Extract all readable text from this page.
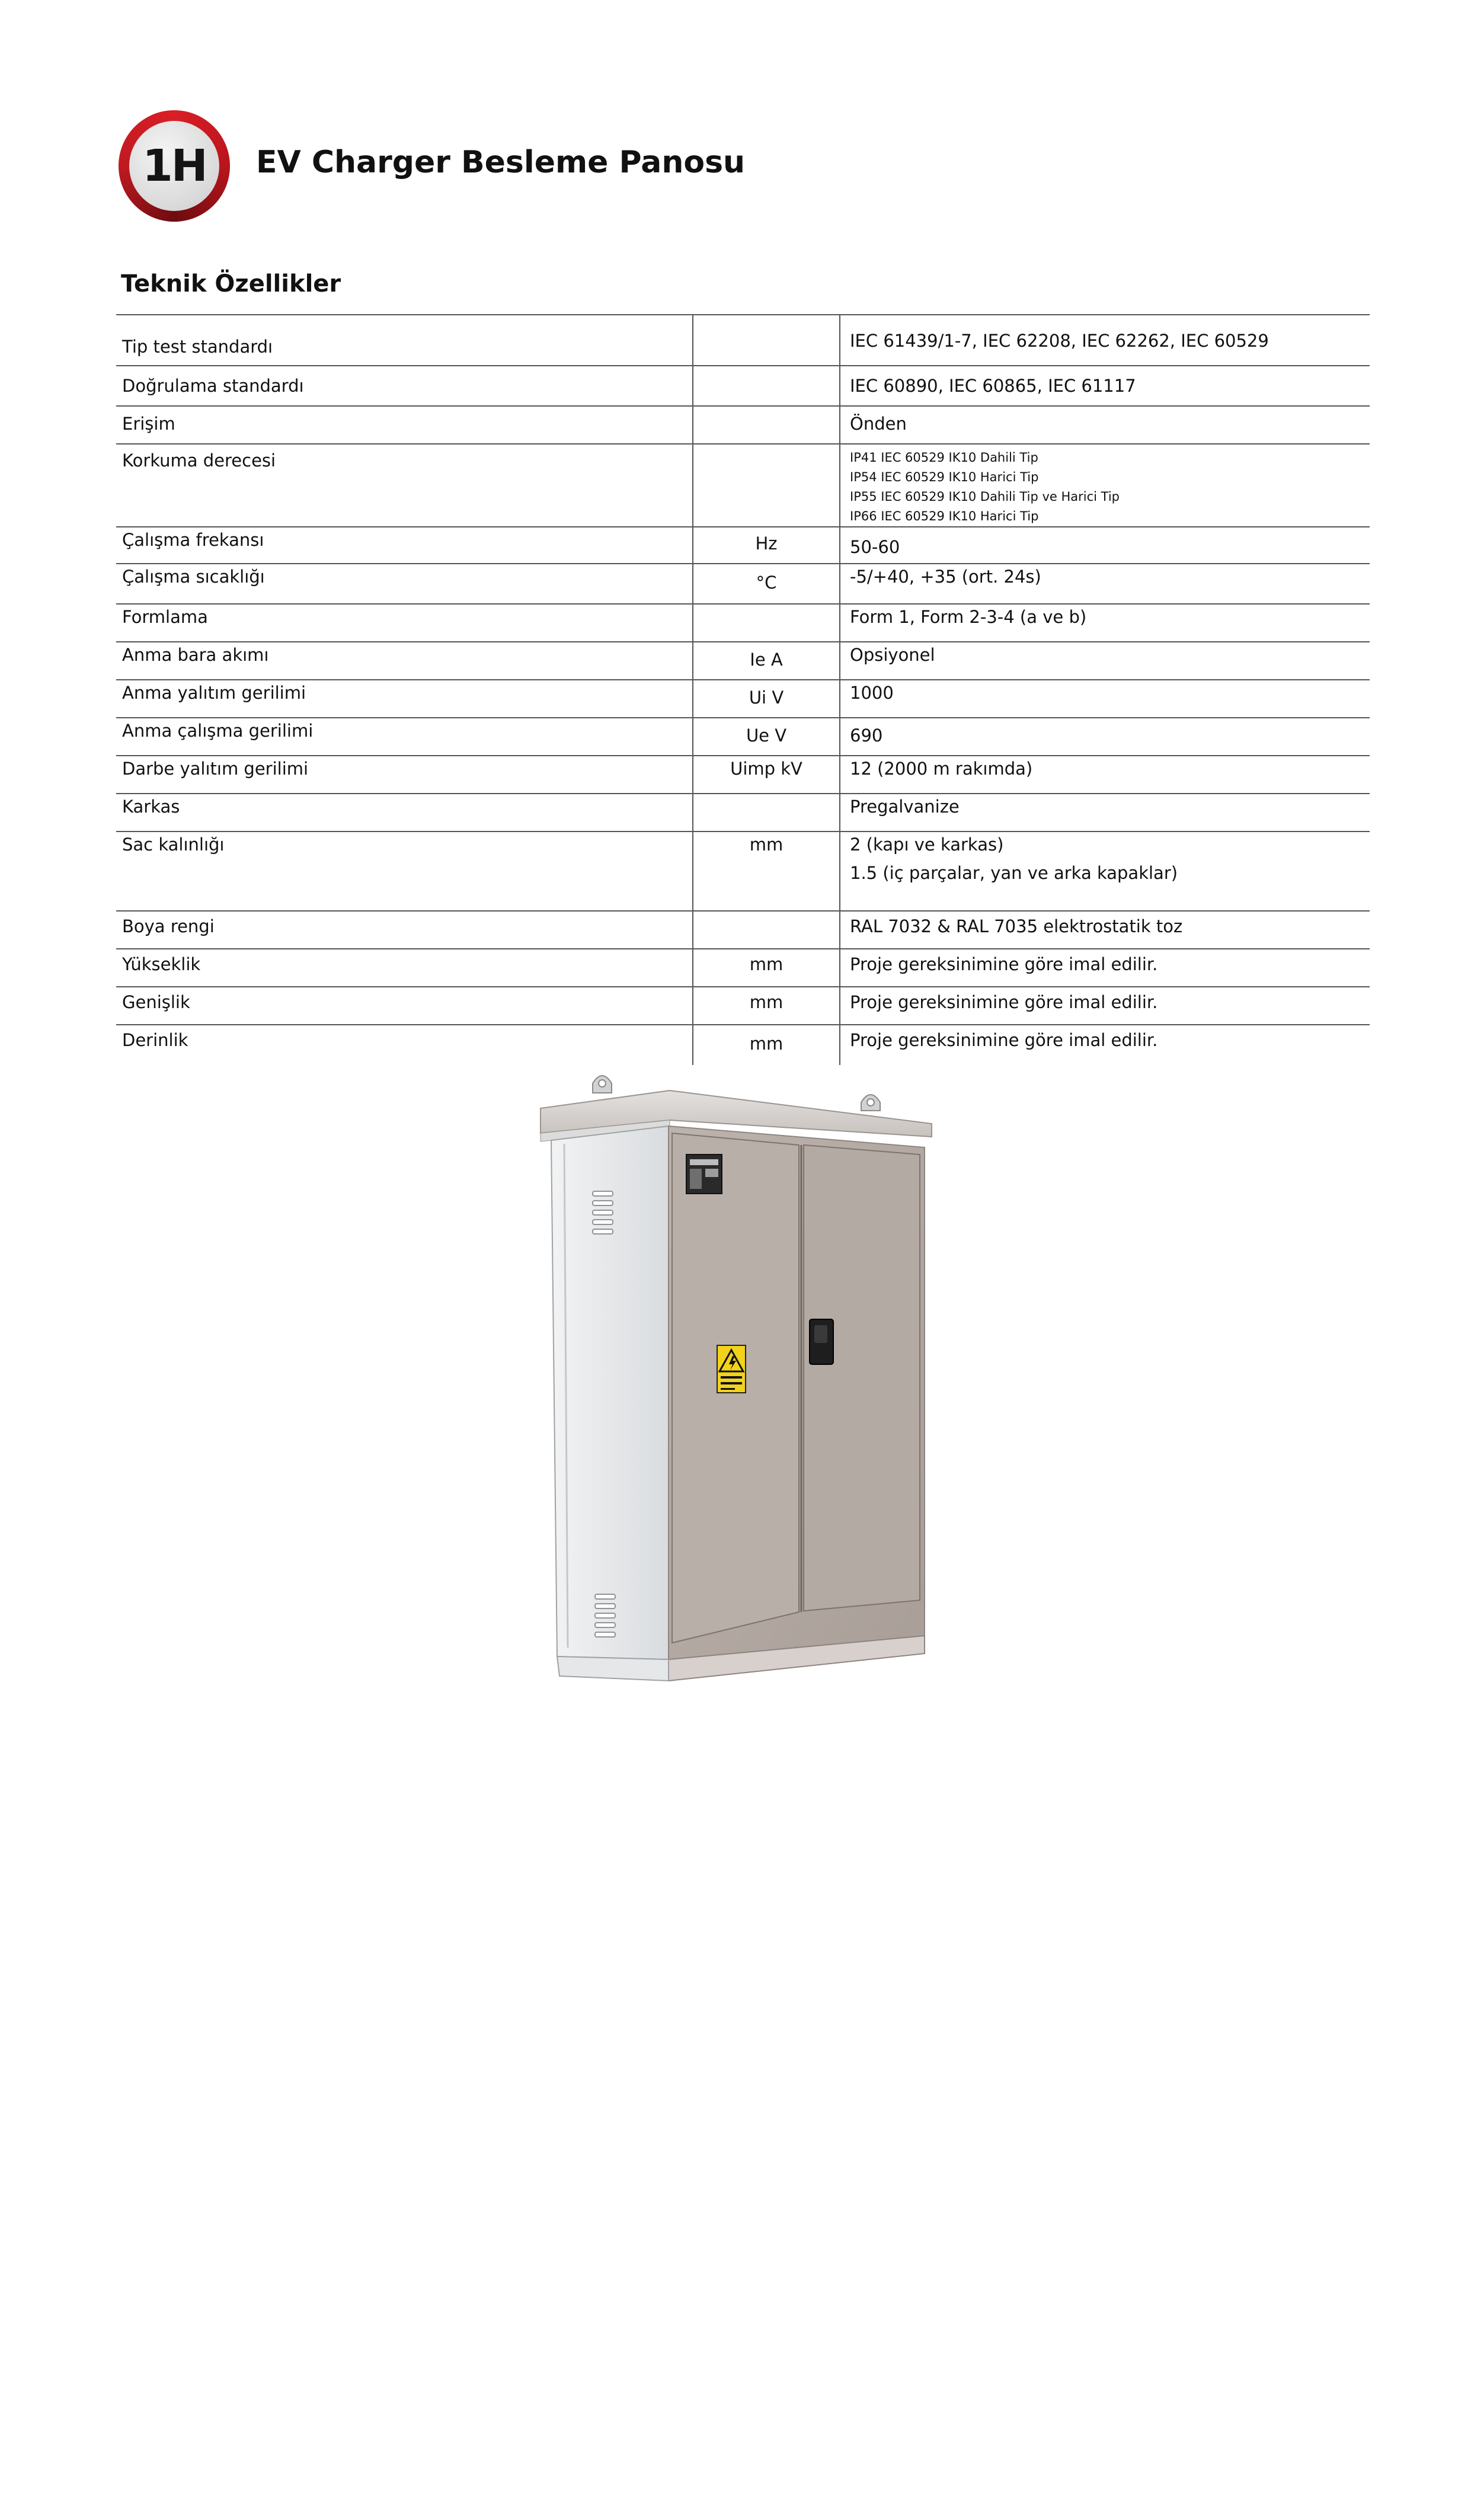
1H	EV Charger Besleme Panosu
Teknik Özellikler
Tip test standardı		IEC 61439/1-7, IEC 62208, IEC 62262, IEC 60529
Doğrulama standardı		IEC 60890, IEC 60865, IEC 61117
Erişim		Önden
Korkuma derecesi		IP41 IEC 60529 IK10 Dahili Tip
IP54 IEC 60529 IK10 Harici Tip
IP55 IEC 60529 IK10 Dahili Tip ve Harici Tip
IP66 IEC 60529 IK10 Harici Tip

Çalışma frekansı	Hz	50-60
Çalışma sıcaklığı	°C	-5/+40, +35 (ort. 24s)
Formlama		Form 1, Form 2-3-4 (a ve b)
Anma bara akımı	Ie A	Opsiyonel
Anma yalıtım gerilimi	Ui V	1000
Anma çalışma gerilimi	Ue V	690
Darbe yalıtım gerilimi	Uimp kV	12 (2000 m rakımda)
Karkas		Pregalvanize
Sac kalınlığı	mm	2 (kapı ve karkas)
1.5 (iç parçalar, yan ve arka kapaklar)

Boya rengi		RAL 7032 & RAL 7035 elektrostatik toz
Yükseklik	mm	Proje gereksinimine göre imal edilir.
Genişlik	mm	Proje gereksinimine göre imal edilir.
Derinlik	mm	Proje gereksinimine göre imal edilir.
